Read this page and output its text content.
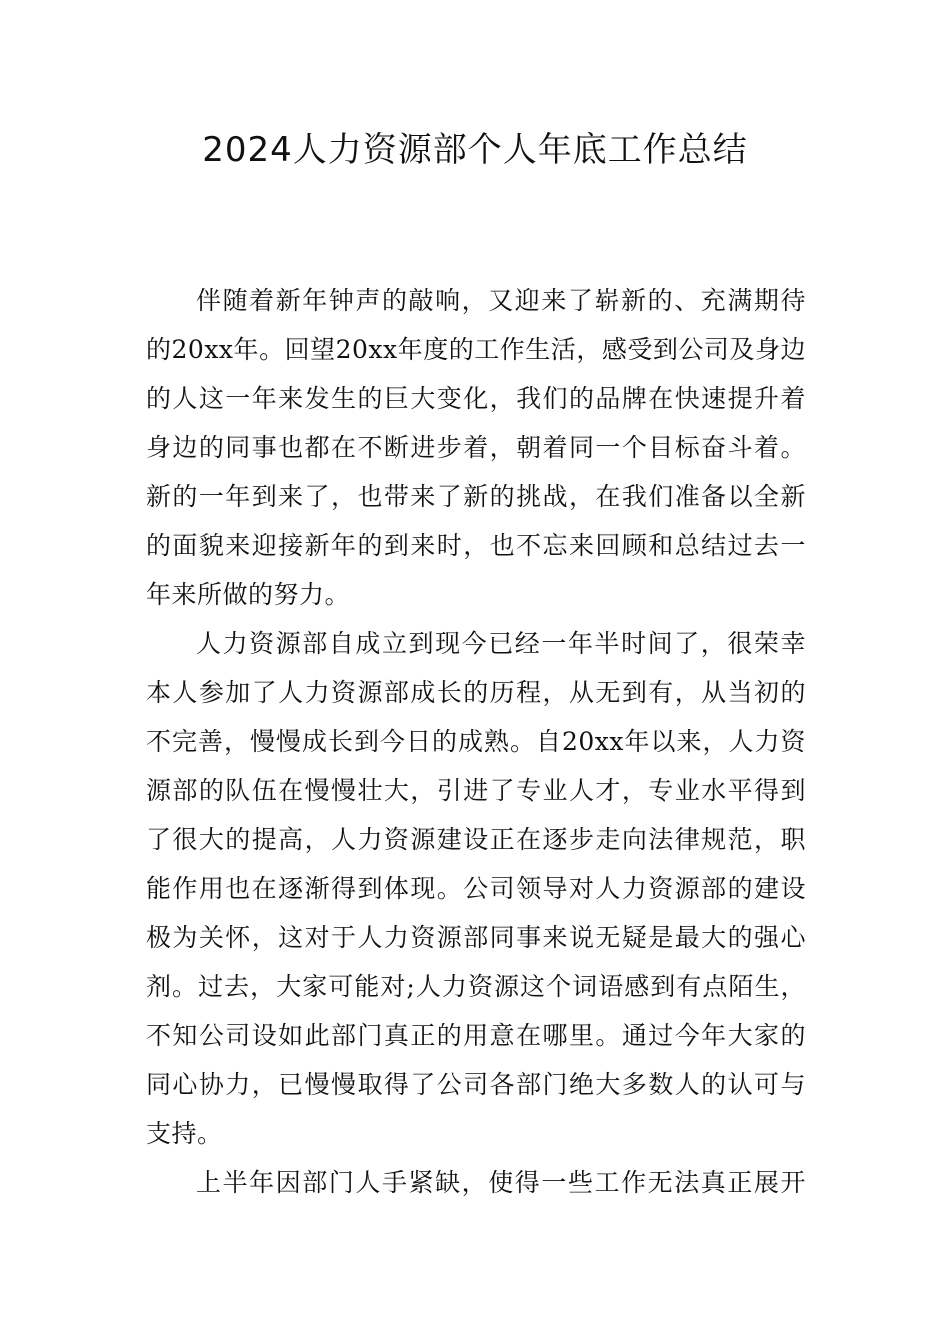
2024人力资源部个人年底工作总结
伴随着新年钟声的敲响，又迎来了崭新的、充满期待
的20xx年。回望20xx年度的工作生活，感受到公司及身边
的人这一年来发生的巨大变化，我们的品牌在快速提升着
身边的同事也都在不断进步着，朝着同一个目标奋斗着。
新的一年到来了，也带来了新的挑战，在我们准备以全新
的面貌来迎接新年的到来时，也不忘来回顾和总结过去一
年来所做的努力。
人力资源部自成立到现今已经一年半时间了，很荣幸
本人参加了人力资源部成长的历程，从无到有，从当初的
不完善，慢慢成长到今日的成熟。自20xx年以来，人力资
源部的队伍在慢慢壮大，引进了专业人才，专业水平得到
了很大的提高，人力资源建设正在逐步走向法律规范，职
能作用也在逐渐得到体现。公司领导对人力资源部的建设
极为关怀，这对于人力资源部同事来说无疑是最大的强心
剂。过去，大家可能对;人力资源这个词语感到有点陌生，
不知公司设如此部门真正的用意在哪里。通过今年大家的
同心协力，已慢慢取得了公司各部门绝大多数人的认可与
支持。
上半年因部门人手紧缺，使得一些工作无法真正展开
